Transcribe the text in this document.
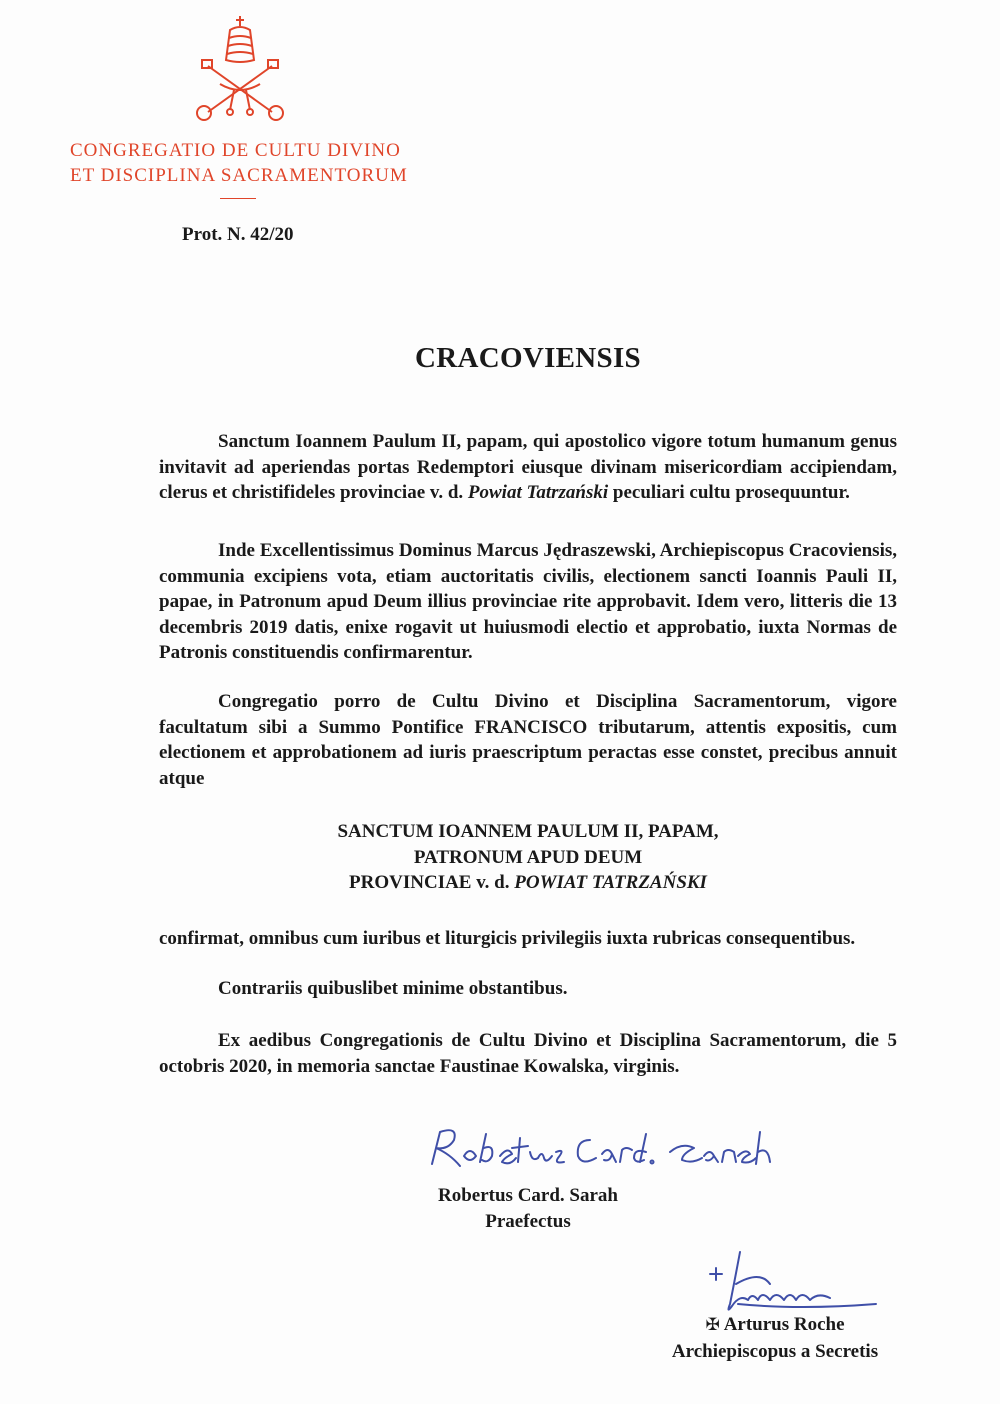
CONGREGATIO DE CULTU DIVINO
ET DISCIPLINA SACRAMENTORUM
Prot. N. 42/20
CRACOVIENSIS

Sanctum Ioannem Paulum II, papam, qui apostolico vigore totum humanum genus invitavit ad aperiendas portas Redemptori eiusque divinam misericordiam accipiendam, clerus et christifideles provinciae v. d. Powiat Tatrzański peculiari cultu prosequuntur.

Inde Excellentissimus Dominus Marcus Jędraszewski, Archiepiscopus Cracoviensis, communia excipiens vota, etiam auctoritatis civilis, electionem sancti Ioannis Pauli II, papae, in Patronum apud Deum illius provinciae rite approbavit. Idem vero, litteris die 13 decembris 2019 datis, enixe rogavit ut huiusmodi electio et approbatio, iuxta Normas de Patronis constituendis confirmarentur.

Congregatio porro de Cultu Divino et Disciplina Sacramentorum, vigore facultatum sibi a Summo Pontifice FRANCISCO tributarum, attentis expositis, cum electionem et approbationem ad iuris praescriptum peractas esse constet, precibus annuit atque

SANCTUM IOANNEM PAULUM II, PAPAM,
PATRONUM APUD DEUM
PROVINCIAE v. d. POWIAT TATRZAŃSKI

confirmat, omnibus cum iuribus et liturgicis privilegiis iuxta rubricas consequentibus.

Contrariis quibuslibet minime obstantibus.

Ex aedibus Congregationis de Cultu Divino et Disciplina Sacramentorum, die 5 octobris 2020, in memoria sanctae Faustinae Kowalska, virginis.

Robertus Card. Sarah
Praefectus
✠ Arturus Roche
Archiepiscopus a Secretis
